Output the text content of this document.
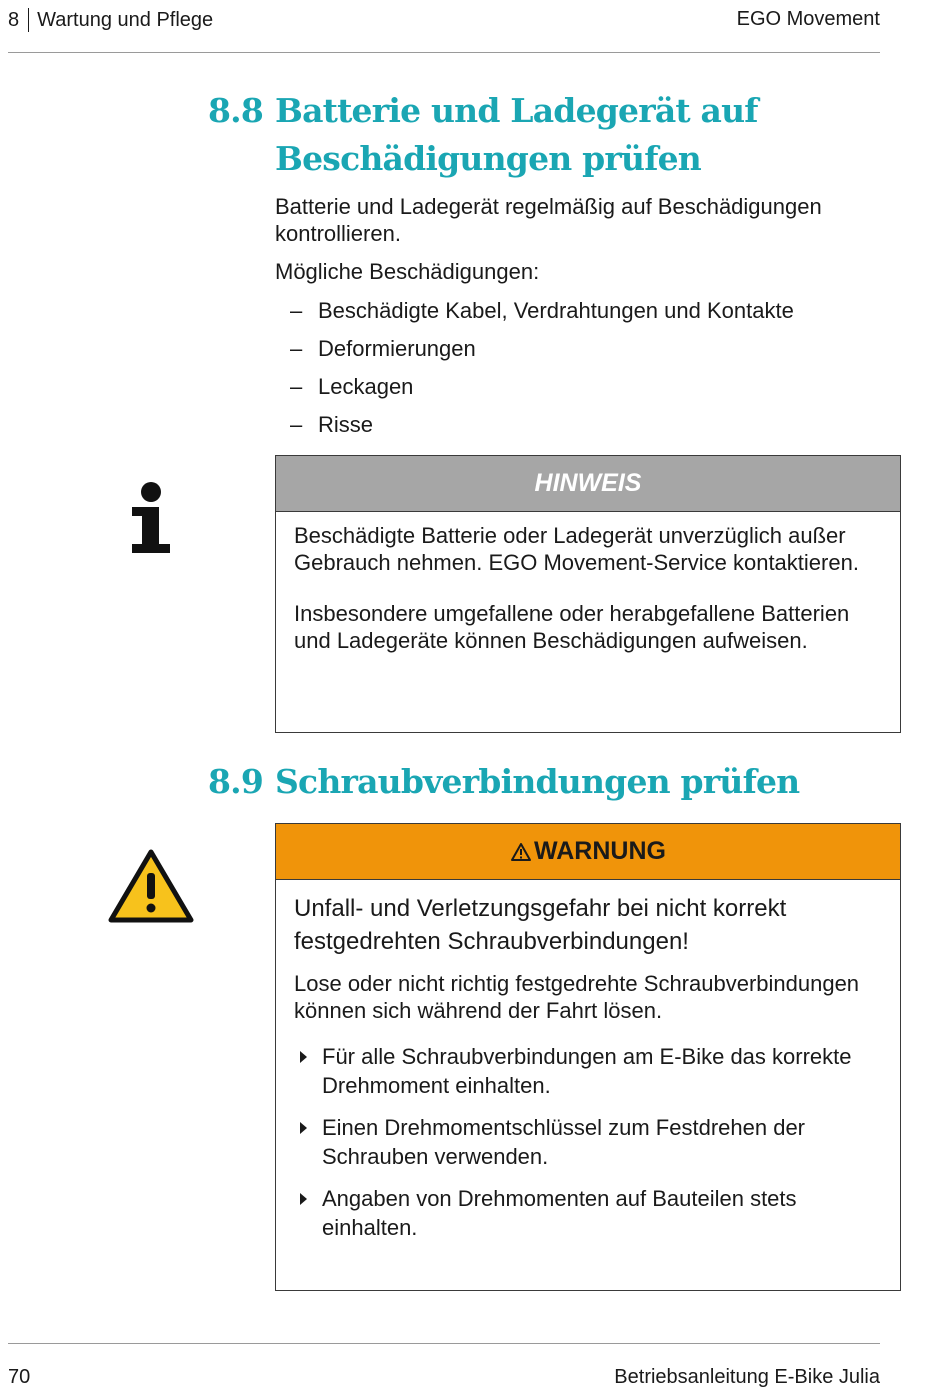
8 Wartung und Pflege	EGO Movement
8.8 Batterie und Ladegerät auf
Beschädigungen prüfen
Batterie und Ladegerät regelmäßig auf Beschädigungen kontrollieren.
Mögliche Beschädigungen:
– Beschädigte Kabel, Verdrahtungen und Kontakte
– Deformierungen
– Leckagen
– Risse
HINWEIS

Beschädigte Batterie oder Ladegerät unverzüglich außer Gebrauch nehmen. EGO Movement-Service kontaktieren.

Insbesondere umgefallene oder herabgefallene Batterien und Ladegeräte können Beschädigungen aufweisen.

8.9 Schraubverbindungen prüfen
WARNUNG

Unfall- und Verletzungsgefahr bei nicht korrekt festgedrehten Schraubverbindungen!

Lose oder nicht richtig festgedrehte Schraubverbindungen können sich während der Fahrt lösen.

Für alle Schraubverbindungen am E-Bike das korrekte Drehmoment einhalten.
Einen Drehmomentschlüssel zum Festdrehen der Schrauben verwenden.
Angaben von Drehmomenten auf Bauteilen stets einhalten.
70	Betriebsanleitung E-Bike Julia
